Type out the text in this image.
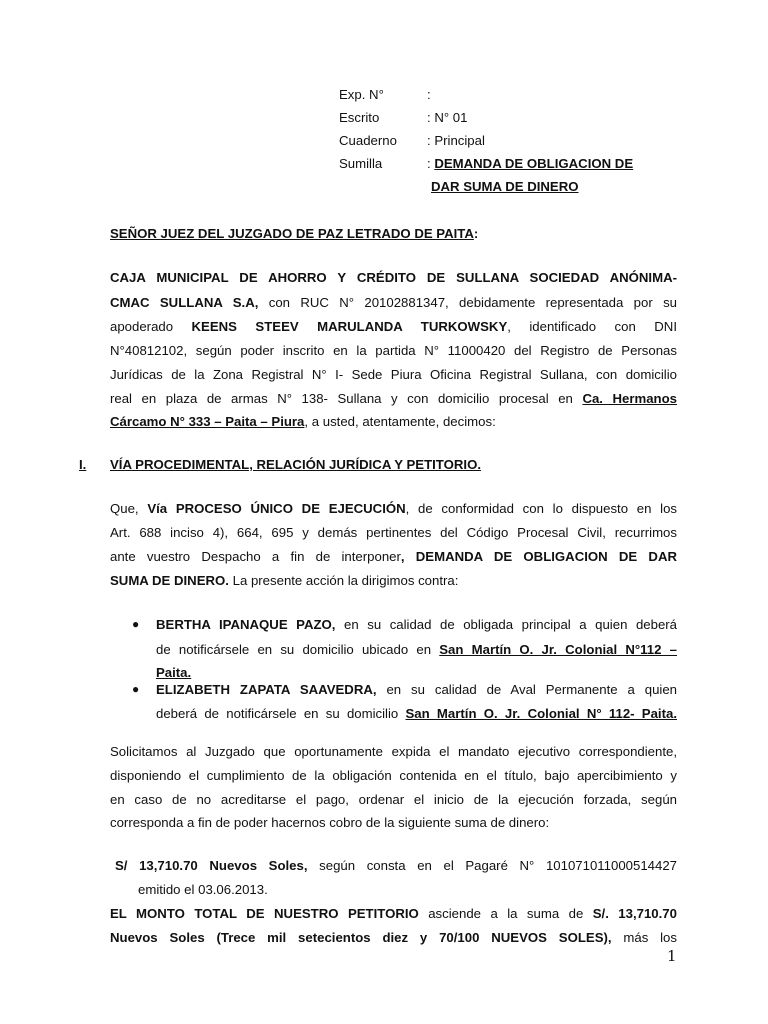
Exp. N°	:
Escrito	: N° 01
Cuaderno : Principal
Sumilla	: DEMANDA DE OBLIGACION DE
DAR SUMA DE DINERO
SEÑOR JUEZ DEL JUZGADO DE PAZ LETRADO DE PAITA:
CAJA MUNICIPAL DE AHORRO Y CRÉDITO DE SULLANA SOCIEDAD ANÓNIMA-
CMAC SULLANA S.A, con RUC N° 20102881347, debidamente representada por su
apoderado KEENS STEEV MARULANDA TURKOWSKY, identificado con DNI
N°40812102, según poder inscrito en la partida N° 11000420 del Registro de Personas
Jurídicas de la Zona Registral N° I- Sede Piura Oficina Registral Sullana, con domicilio
real en plaza de armas N° 138- Sullana y con domicilio procesal en Ca. Hermanos
Cárcamo N° 333 – Paita – Piura, a usted, atentamente, decimos:
I. VÍA PROCEDIMENTAL, RELACIÓN JURÍDICA Y PETITORIO.
Que, Vía PROCESO ÚNICO DE EJECUCIÓN, de conformidad con lo dispuesto en los
Art. 688 inciso 4), 664, 695 y demás pertinentes del Código Procesal Civil, recurrimos
ante vuestro Despacho a fin de interponer, DEMANDA DE OBLIGACION DE DAR
SUMA DE DINERO. La presente acción la dirigimos contra:
● BERTHA IPANAQUE PAZO, en su calidad de obligada principal a quien deberá
de notificársele en su domicilio ubicado en San Martín O. Jr. Colonial N°112 –
Paita.
● ELIZABETH ZAPATA SAAVEDRA, en su calidad de Aval Permanente a quien
deberá de notificársele en su domicilio San Martín O. Jr. Colonial N° 112- Paita.
Solicitamos al Juzgado que oportunamente expida el mandato ejecutivo correspondiente,
disponiendo el cumplimiento de la obligación contenida en el título, bajo apercibimiento y
en caso de no acreditarse el pago, ordenar el inicio de la ejecución forzada, según
corresponda a fin de poder hacernos cobro de la siguiente suma de dinero:
S/ 13,710.70 Nuevos Soles, según consta en el Pagaré N° 101071011000514427
emitido el 03.06.2013.
EL MONTO TOTAL DE NUESTRO PETITORIO asciende a la suma de S/. 13,710.70
Nuevos Soles (Trece mil setecientos diez y 70/100 NUEVOS SOLES), más los
1
